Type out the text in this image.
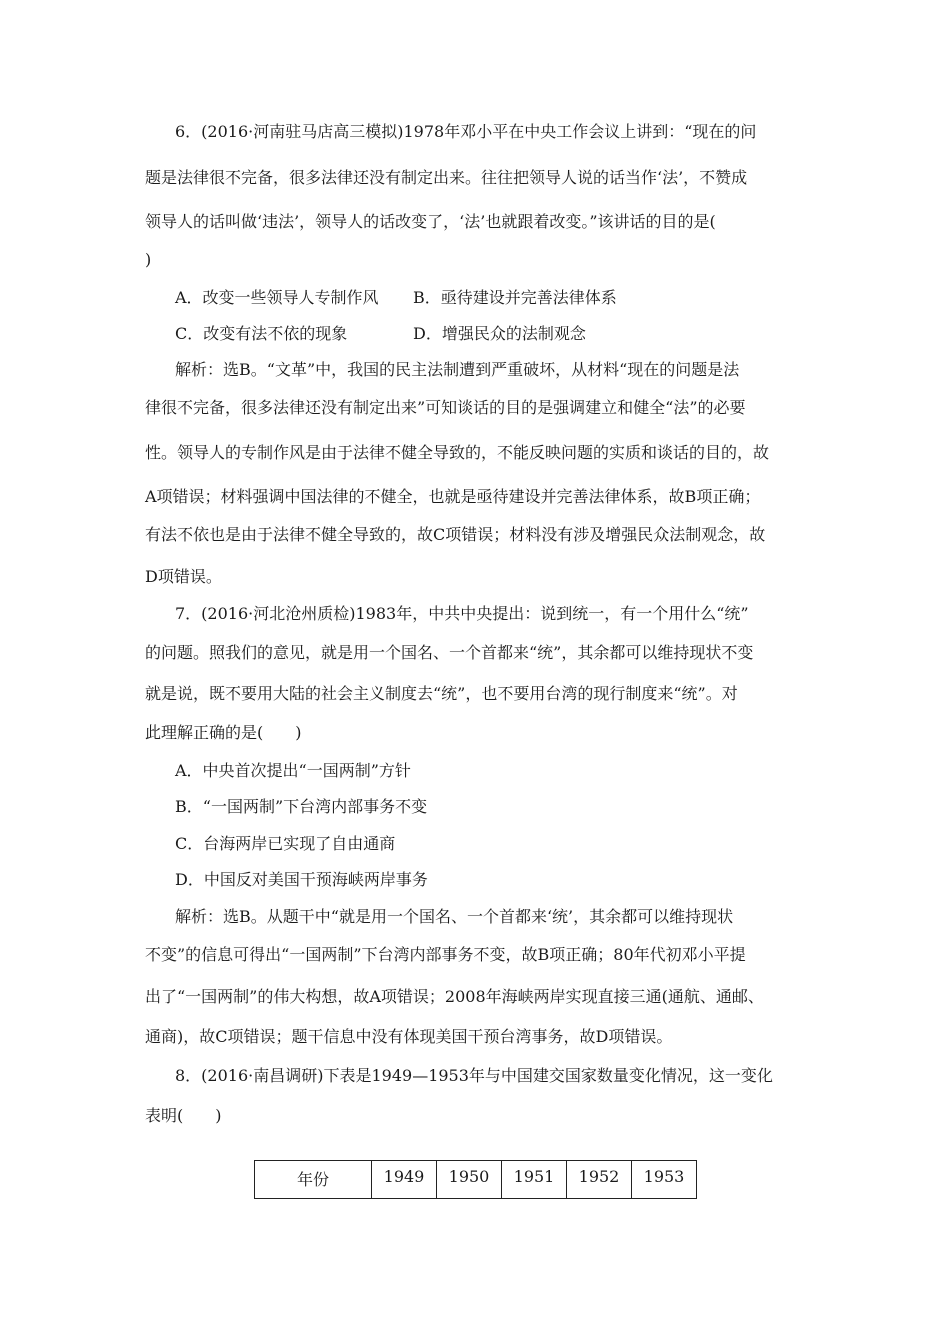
6．(2016·河南驻马店高三模拟)1978年邓小平在中央工作会议上讲到：“现在的问
题是法律很不完备，很多法律还没有制定出来。往往把领导人说的话当作‘法’，不赞成
领导人的话叫做‘违法’，领导人的话改变了，‘法’也就跟着改变。”该讲话的目的是(
)
A．改变一些领导人专制作风 B．亟待建设并完善法律体系
C．改变有法不依的现象	D．增强民众的法制观念
解析：选B。“文革”中，我国的民主法制遭到严重破坏，从材料“现在的问题是法
律很不完备，很多法律还没有制定出来”可知谈话的目的是强调建立和健全“法”的必要
性。领导人的专制作风是由于法律不健全导致的，不能反映问题的实质和谈话的目的，故
A项错误；材料强调中国法律的不健全，也就是亟待建设并完善法律体系，故B项正确；
有法不依也是由于法律不健全导致的，故C项错误；材料没有涉及增强民众法制观念，故
D项错误。
7．(2016·河北沧州质检)1983年，中共中央提出：说到统一，有一个用什么“统”
的问题。照我们的意见，就是用一个国名、一个首都来“统”，其余都可以维持现状不变
就是说，既不要用大陆的社会主义制度去“统”，也不要用台湾的现行制度来“统”。对
此理解正确的是(　　)
A．中央首次提出“一国两制”方针
B．“一国两制”下台湾内部事务不变
C．台海两岸已实现了自由通商
D．中国反对美国干预海峡两岸事务
解析：选B。从题干中“就是用一个国名、一个首都来‘统’，其余都可以维持现状
不变”的信息可得出“一国两制”下台湾内部事务不变，故B项正确；80年代初邓小平提
出了“一国两制”的伟大构想，故A项错误；2008年海峡两岸实现直接三通(通航、通邮、
通商)，故C项错误；题干信息中没有体现美国干预台湾事务，故D项错误。
8．(2016·南昌调研)下表是1949—1953年与中国建交国家数量变化情况，这一变化
表明(　　)
年份	1949	1950	1951	1952	1953
